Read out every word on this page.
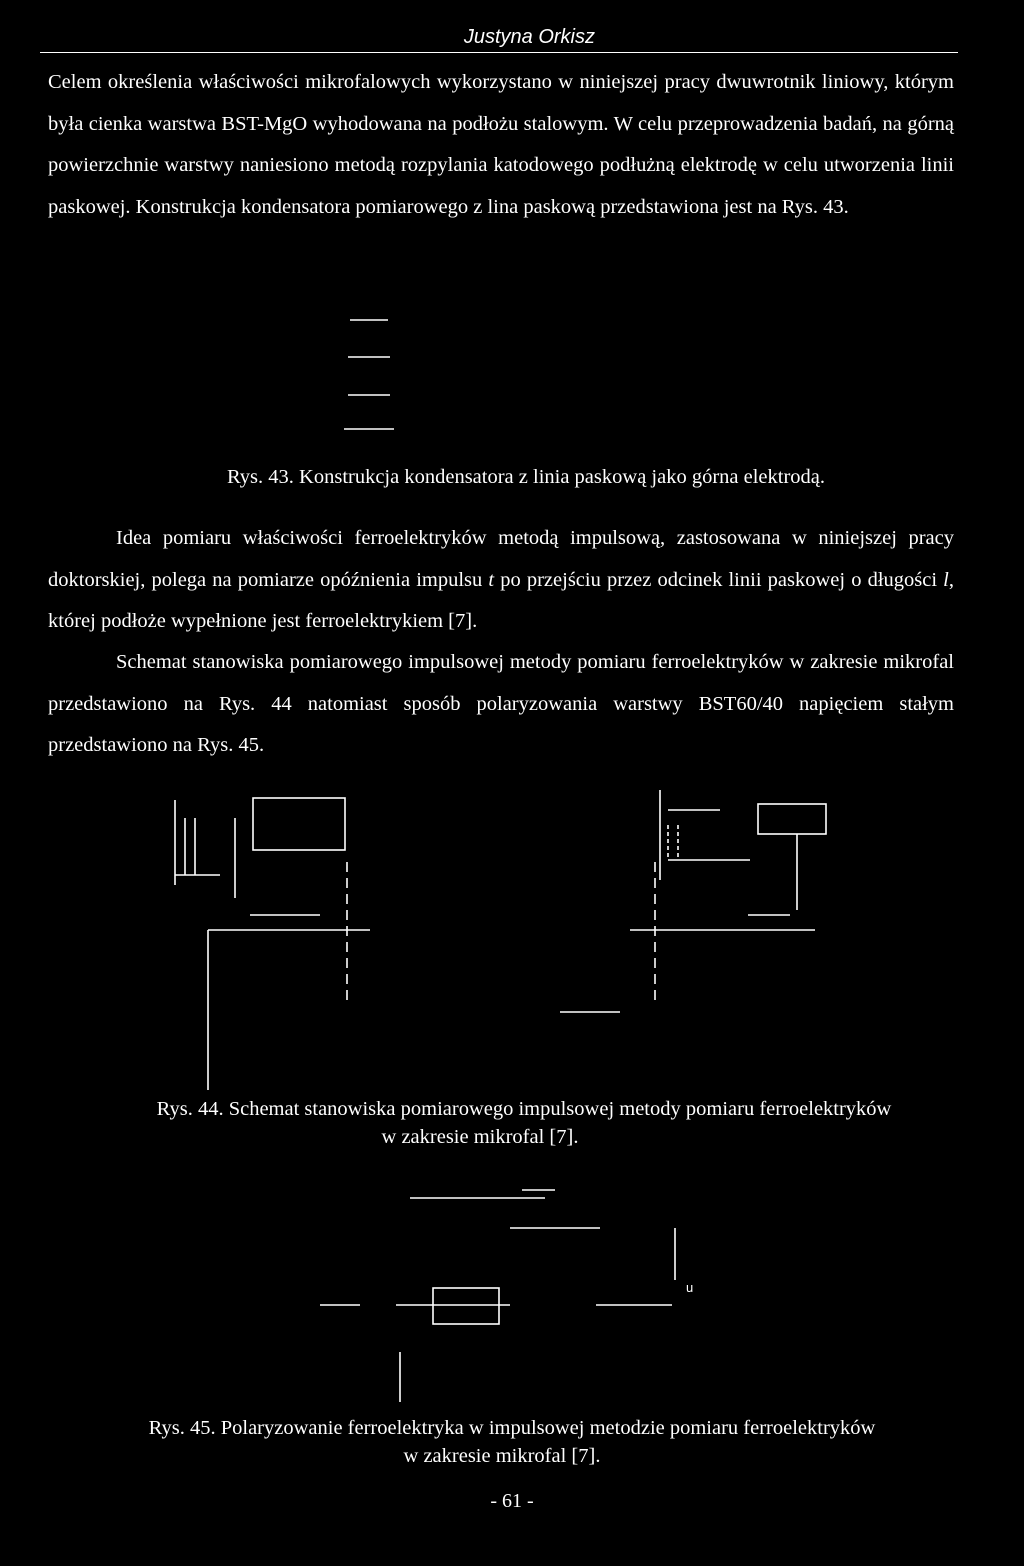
Justyna Orkisz

Celem określenia właściwości mikrofalowych wykorzystano w niniejszej pracy dwuwrotnik liniowy, którym była cienka warstwa BST-MgO wyhodowana na podłożu stalowym. W celu przeprowadzenia badań, na górną powierzchnie warstwy naniesiono metodą rozpylania katodowego podłużną elektrodę w celu utworzenia linii paskowej. Konstrukcja kondensatora pomiarowego z lina paskową przedstawiona jest na Rys. 43.

Rys. 43. Konstrukcja kondensatora z linia paskową jako górna elektrodą.

Idea pomiaru właściwości ferroelektryków metodą impulsową, zastosowana w niniejszej pracy doktorskiej, polega na pomiarze opóźnienia impulsu t po przejściu przez odcinek linii paskowej o długości l, której podłoże wypełnione jest ferroelektrykiem [7].

Schemat stanowiska pomiarowego impulsowej metody pomiaru ferroelektryków w zakresie mikrofal przedstawiono na Rys. 44 natomiast sposób polaryzowania warstwy BST60/40 napięciem stałym przedstawiono na Rys. 45.

Rys. 44. Schemat stanowiska pomiarowego impulsowej metody pomiaru ferroelektryków
w zakresie mikrofal [7].
u
Rys. 45. Polaryzowanie ferroelektryka w impulsowej metodzie pomiaru ferroelektryków
w zakresie mikrofal [7].
- 61 -
